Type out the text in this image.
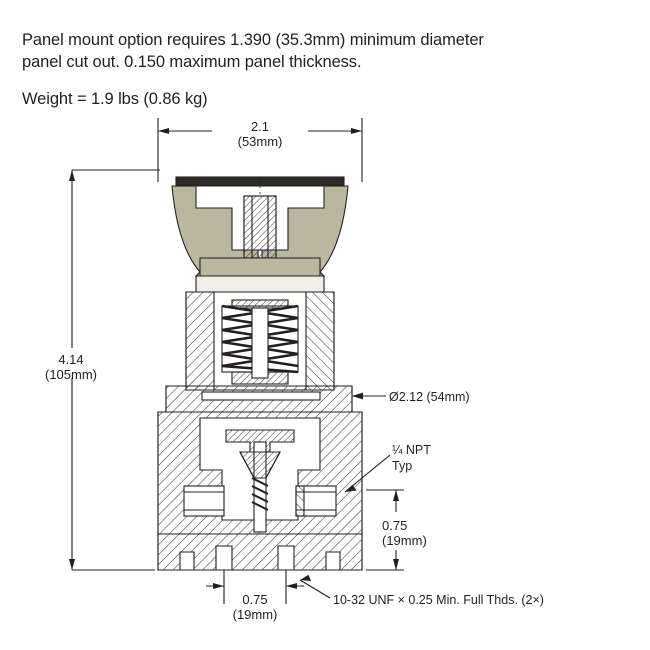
Panel mount option requires 1.390 (35.3mm) minimum diameter
panel cut out. 0.150 maximum panel thickness.
Weight = 1.9 lbs (0.86 kg)
2.1
(53mm)
4.14
(105mm)
0.75
(19mm)
0.75
(19mm)
Ø2.12 (54mm)
¼ NPT
Typ
10-32 UNF × 0.25 Min. Full Thds. (2×)
